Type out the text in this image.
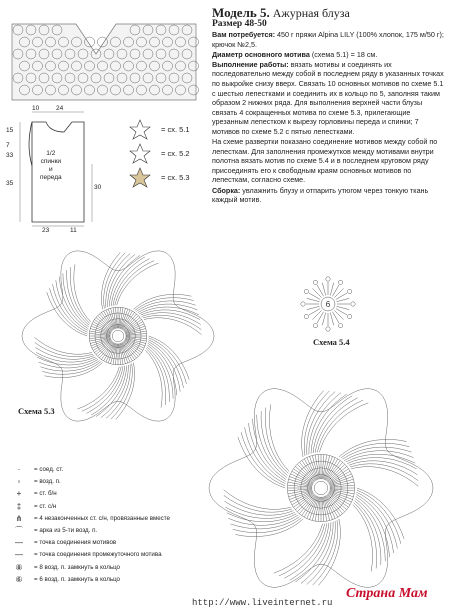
= сх. 5.1
= сх. 5.2
= сх. 5.3
10	24
15
7
33
35
30
23	11
1/2
спинки
и
переда
Модель 5. Ажурная блуза
Размер 48-50

Вам потребуется: 450 г пряжи Alpina LILY (100% хлопок, 175 м/50 г); крючок №2,5.

Диаметр основного мотива (схема 5.1) = 18 см.

Выполнение работы: вязать мотивы и соединять их последовательно между собой в последнем ряду в указанных точках по выкройке снизу вверх. Связать 10 основных мотивов по схеме 5.1 с шестью лепестками и соединить их в кольцо по 5, заполняя таким образом 2 нижних ряда. Для выполнения верхней части блузы связать 4 сокращенных мотива по схеме 5.3, прилегающие урезанным лепестком к вырезу горловины переда и спинки; 7 мотивов по схеме 5.2 с пятью лепестками.

На схеме развертки показано соединение мотивов между собой по лепесткам. Для заполнения промежутков между мотивами внутри полотна вязать мотив по схеме 5.4 и в последнем круговом ряду присоединять его к свободным краям основных мотивов по лепесткам, согласно схеме.

Сборка: увлажнить блузу и отпарить утюгом через тонкую ткань каждый мотив.

Схема 5.3
6
Схема 5.4
·	= соед. ст.
◦	= возд. п.
+	= ст. б/н
‡	= ст. с/н
⋔	= 4 незаконченных ст. с/н, провязанные вместе
⌒	= арка из 5-ти возд. п.
—	= точка соединения мотивов
—	= точка соединения промежуточного мотива
⑧	= 8 возд. п. замкнуть в кольцо
⑥	= 6 возд. п. замкнуть в кольцо
http://www.liveinternet.ru
Страна Мам
